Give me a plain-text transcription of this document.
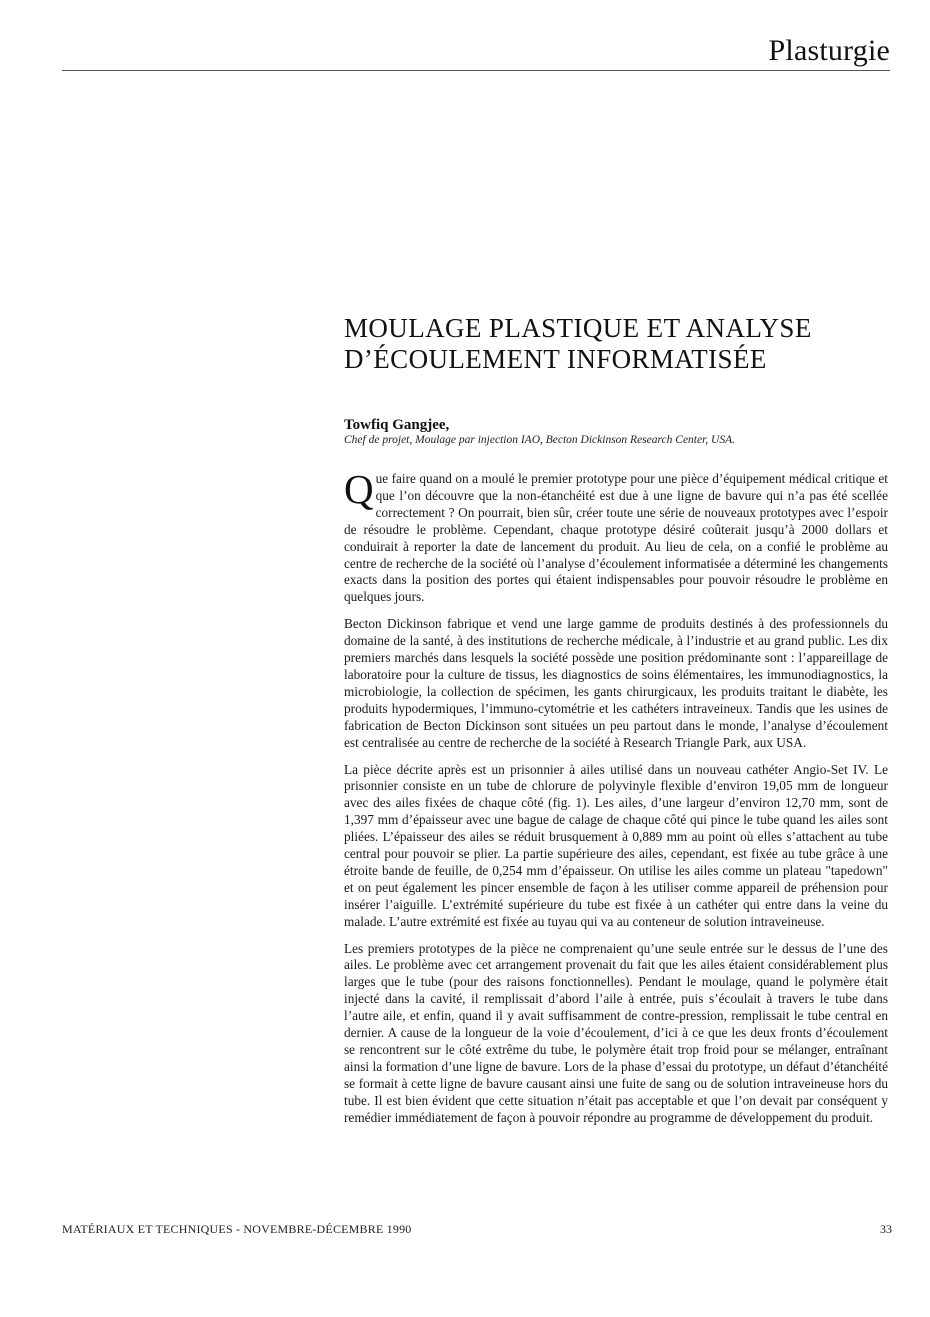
Plasturgie
MOULAGE PLASTIQUE ET ANALYSE
D’ÉCOULEMENT INFORMATISÉE
Towfiq Gangjee,
Chef de projet, Moulage par injection IAO, Becton Dickinson Research Center, USA.

Que faire quand on a moulé le premier prototype pour une pièce d’équipement médical critique et que l’on découvre que la non-étanchéité est due à une ligne de bavure qui n’a pas été scellée correctement ? On pourrait, bien sûr, créer toute une série de nouveaux prototypes avec l’espoir de résoudre le problème. Cependant, chaque prototype désiré coûterait jusqu’à 2000 dollars et conduirait à reporter la date de lancement du produit. Au lieu de cela, on a confié le problème au centre de recherche de la société où l’analyse d’écoulement informatisée a déterminé les changements exacts dans la position des portes qui étaient indispensables pour pouvoir résoudre le problème en quelques jours.

Becton Dickinson fabrique et vend une large gamme de produits destinés à des professionnels du domaine de la santé, à des institutions de recherche médicale, à l’industrie et au grand public. Les dix premiers marchés dans lesquels la société possède une position prédominante sont : l’appareillage de laboratoire pour la culture de tissus, les diagnostics de soins élémentaires, les immunodiagnostics, la microbiologie, la collection de spécimen, les gants chirurgicaux, les produits traitant le diabète, les produits hypodermiques, l’immuno-cytométrie et les cathéters intraveineux. Tandis que les usines de fabrication de Becton Dickinson sont situées un peu partout dans le monde, l’analyse d’écoulement est centralisée au centre de recherche de la société à Research Triangle Park, aux USA.

La pièce décrite après est un prisonnier à ailes utilisé dans un nouveau cathéter Angio-Set IV. Le prisonnier consiste en un tube de chlorure de polyvinyle flexible d’environ 19,05 mm de longueur avec des ailes fixées de chaque côté (fig. 1). Les ailes, d’une largeur d’environ 12,70 mm, sont de 1,397 mm d’épaisseur avec une bague de calage de chaque côté qui pince le tube quand les ailes sont pliées. L’épaisseur des ailes se réduit brusquement à 0,889 mm au point où elles s’attachent au tube central pour pouvoir se plier. La partie supérieure des ailes, cependant, est fixée au tube grâce à une étroite bande de feuille, de 0,254 mm d’épaisseur. On utilise les ailes comme un plateau "tapedown" et on peut également les pincer ensemble de façon à les utiliser comme appareil de préhension pour insérer l’aiguille. L’extrémité supérieure du tube est fixée à un cathéter qui entre dans la veine du malade. L’autre extrémité est fixée au tuyau qui va au conteneur de solution intraveineuse.

Les premiers prototypes de la pièce ne comprenaient qu’une seule entrée sur le dessus de l’une des ailes. Le problème avec cet arrangement provenait du fait que les ailes étaient considérablement plus larges que le tube (pour des raisons fonctionnelles). Pendant le moulage, quand le polymère était injecté dans la cavité, il remplissait d’abord l’aile à entrée, puis s’écoulait à travers le tube dans l’autre aile, et enfin, quand il y avait suffisamment de contre-pression, remplissait le tube central en dernier. A cause de la longueur de la voie d’écoulement, d’ici à ce que les deux fronts d’écoulement se rencontrent sur le côté extrême du tube, le polymère était trop froid pour se mélanger, entraînant ainsi la formation d’une ligne de bavure. Lors de la phase d’essai du prototype, un défaut d’étanchéité se formait à cette ligne de bavure causant ainsi une fuite de sang ou de solution intraveineuse hors du tube. Il est bien évident que cette situation n’était pas acceptable et que l’on devait par conséquent y remédier immédiatement de façon à pouvoir répondre au programme de développement du produit.

MATÉRIAUX ET TECHNIQUES - NOVEMBRE-DÉCEMBRE 1990	33
